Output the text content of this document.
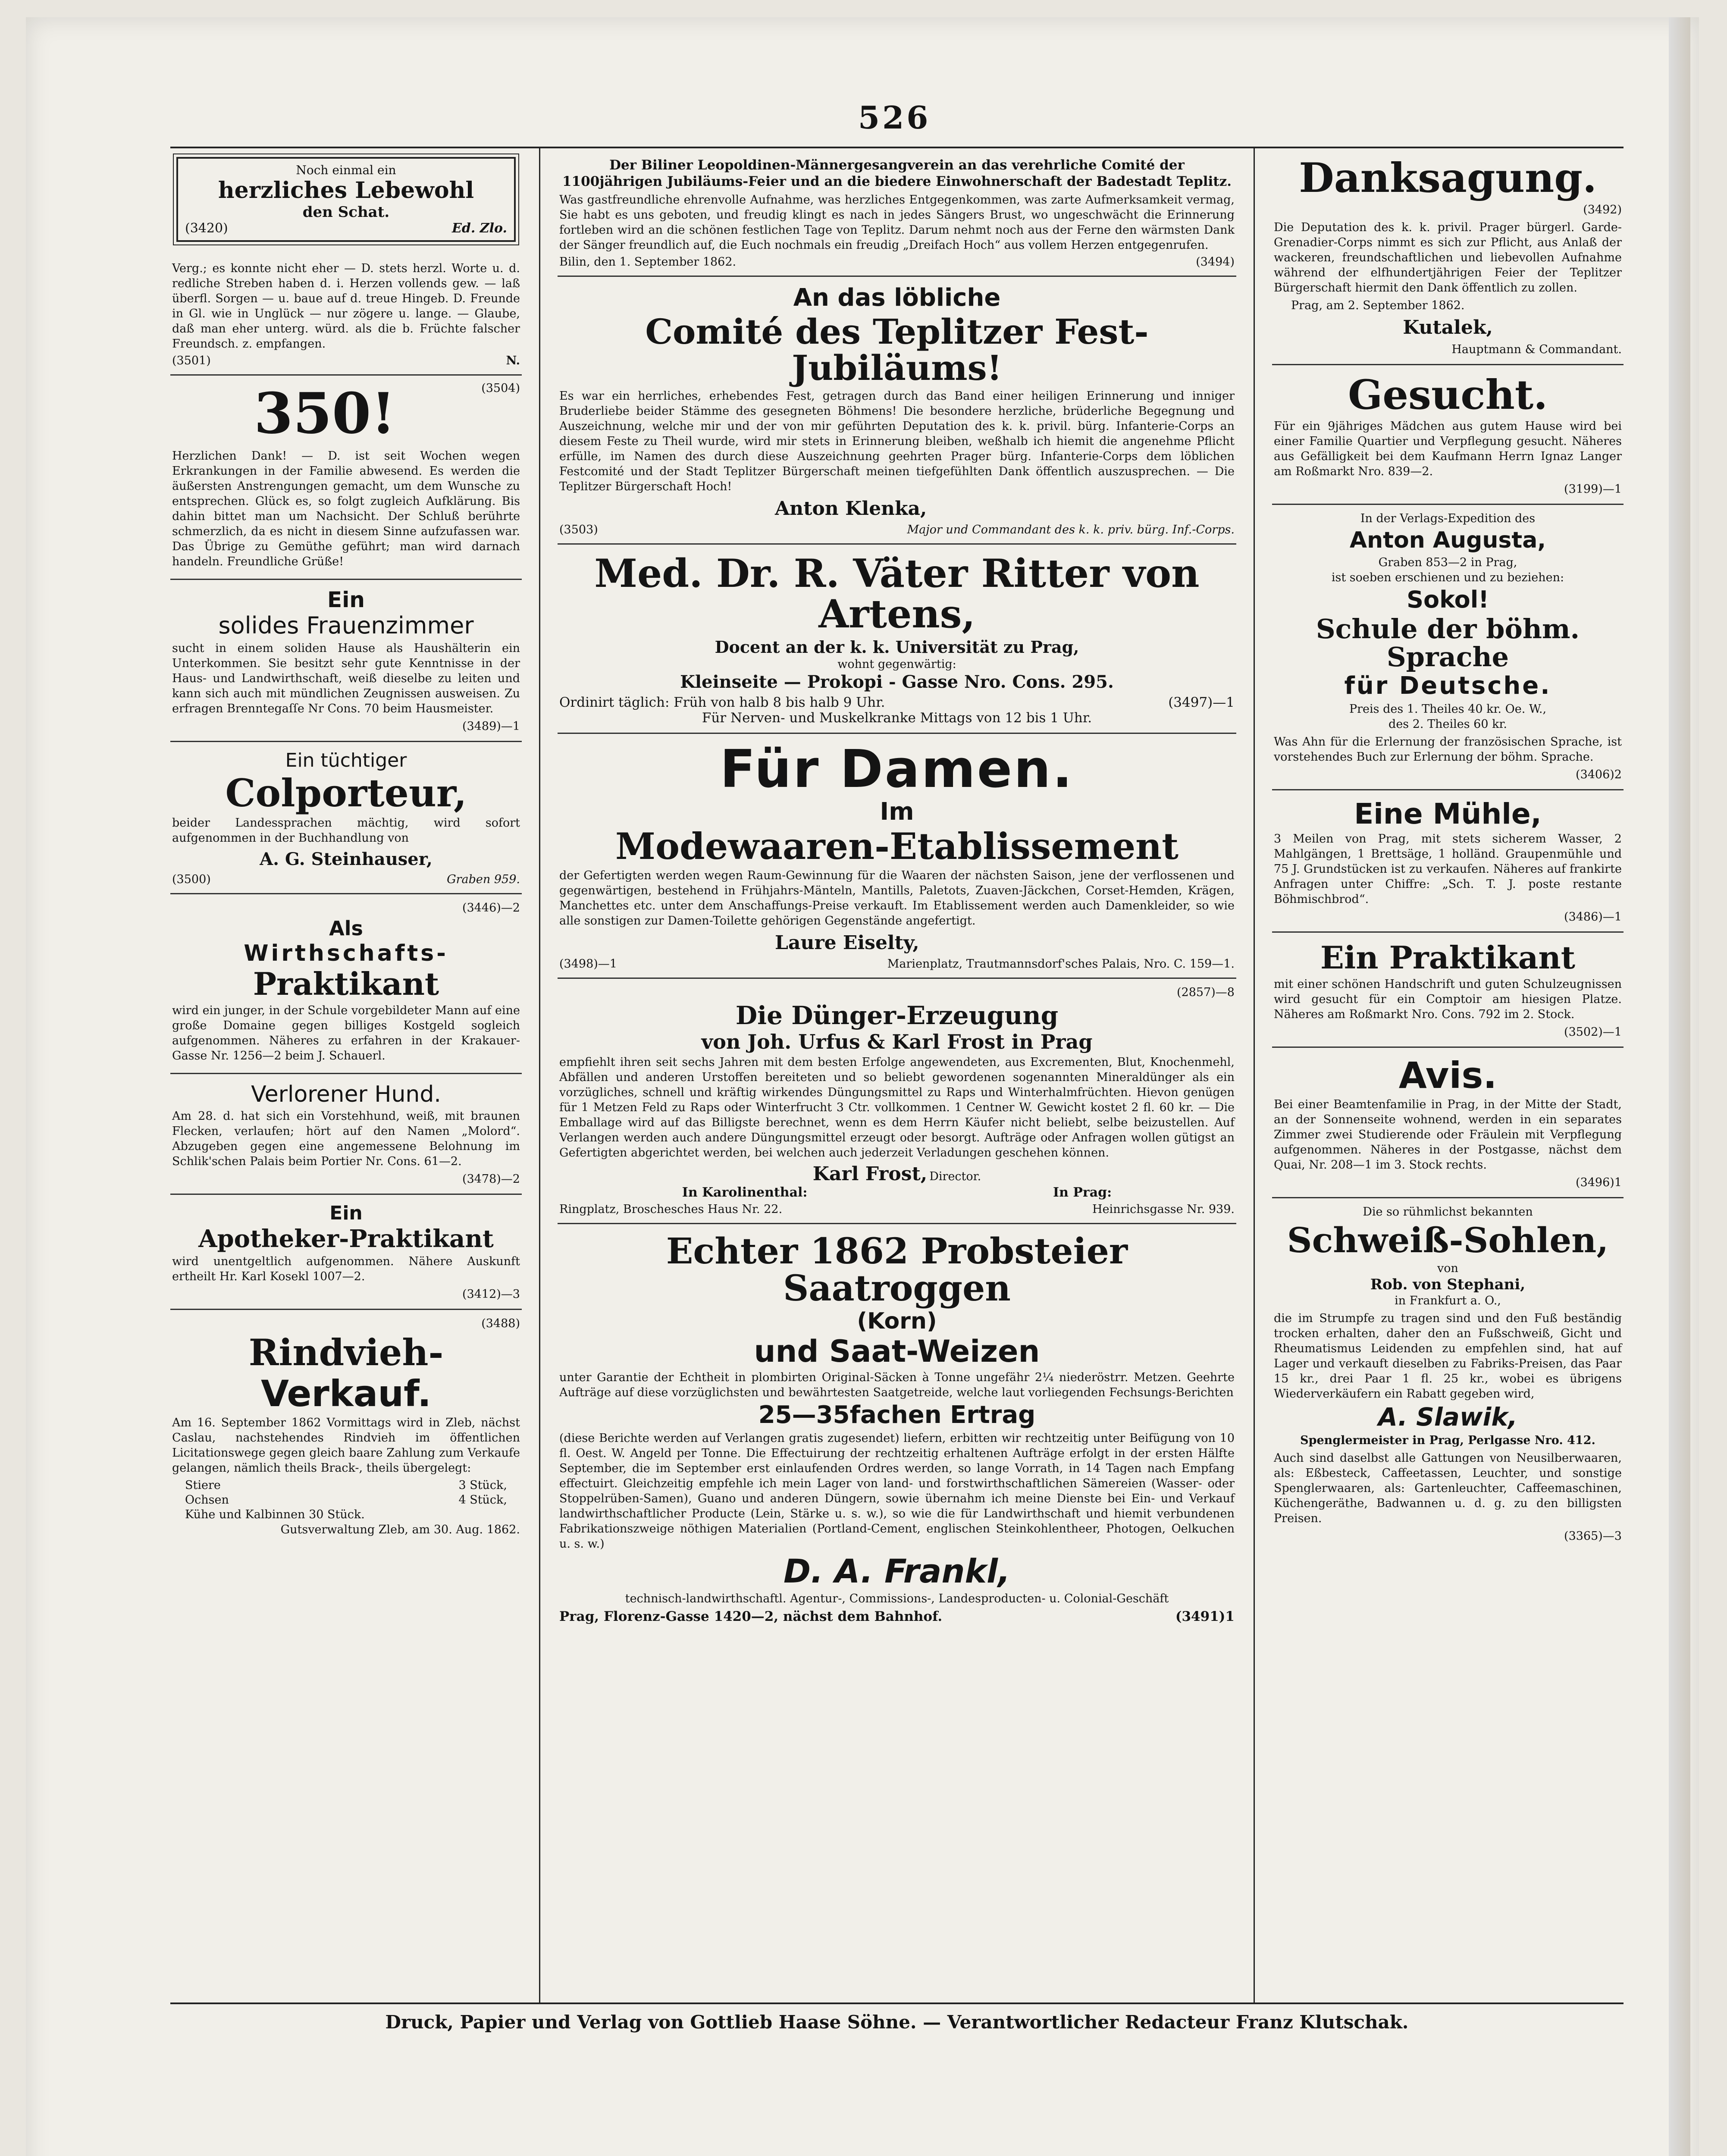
526
Noch einmal ein
herzliches Lebewohl
den Schat.
(3420)	Ed. Zlo.

Verg.; es konnte nicht eher — D. stets herzl. Worte u. d. redliche Streben haben d. i. Herzen vollends gew. — laß überfl. Sorgen — u. baue auf d. treue Hingeb. D. Freunde in Gl. wie in Unglück — nur zögere u. lange. — Glaube, daß man eher unterg. würd. als die b. Früchte falscher Freundsch. z. empfangen.

(3501)	N.
350!	(3504)

Herzlichen Dank! — D. ist seit Wochen wegen Erkrankungen in der Familie abwesend. Es werden die äußersten Anstrengungen gemacht, um dem Wunsche zu entsprechen. Glück es, so folgt zugleich Aufklärung. Bis dahin bittet man um Nachsicht. Der Schluß berührte schmerzlich, da es nicht in diesem Sinne aufzufassen war. Das Übrige zu Gemüthe geführt; man wird darnach handeln. Freundliche Grüße!

Ein
solides Frauenzimmer

sucht in einem soliden Hause als Haushälterin ein Unterkommen. Sie besitzt sehr gute Kenntnisse in der Haus- und Landwirthschaft, weiß dieselbe zu leiten und kann sich auch mit mündlichen Zeugnissen ausweisen. Zu erfragen Brenntegaſſe Nr Cons. 70 beim Hausmeister.

(3489)—1
Ein tüchtiger
Colporteur,

beider Landessprachen mächtig, wird sofort aufgenommen in der Buchhandlung von

A. G. Steinhauser,
(3500)	Graben 959.
(3446)—2
Als
Wirthschafts-
Praktikant

wird ein junger, in der Schule vorgebildeter Mann auf eine große Domaine gegen billiges Kostgeld sogleich aufgenommen. Näheres zu erfahren in der Krakauer-Gasse Nr. 1256—2 beim J. Schauerl.

Verlorener Hund.

Am 28. d. hat sich ein Vorstehhund, weiß, mit braunen Flecken, verlaufen; hört auf den Namen „Molord“. Abzugeben gegen eine angemessene Belohnung im Schlik'schen Palais beim Portier Nr. Cons. 61—2.

(3478)—2
Ein
Apotheker-Praktikant

wird unentgeltlich aufgenommen. Nähere Auskunft ertheilt Hr. Karl Kosekl 1007—2.

(3412)—3
(3488)
Rindvieh-
Verkauf.

Am 16. September 1862 Vormittags wird in Zleb, nächst Caslau, nachstehendes Rindvieh im öffentlichen Licitationswege gegen gleich baare Zahlung zum Verkaufe gelangen, nämlich theils Brack-, theils übergelegt:

Stiere	3 Stück,
Ochsen	4 Stück,
Kühe und Kalbinnen 30 Stück.
Gutsverwaltung Zleb, am 30. Aug. 1862.

Der Biliner Leopoldinen-Männergesangverein an das verehrliche Comité der 1100jährigen Jubiläums-Feier und an die biedere Einwohnerschaft der Badestadt Teplitz.

Was gastfreundliche ehrenvolle Aufnahme, was herzliches Entgegenkommen, was zarte Aufmerksamkeit vermag, Sie habt es uns geboten, und freudig klingt es nach in jedes Sängers Brust, wo ungeschwächt die Erinnerung fortleben wird an die schönen festlichen Tage von Teplitz. Darum nehmt noch aus der Ferne den wärmsten Dank der Sänger freundlich auf, die Euch nochmals ein freudig „Dreifach Hoch“ aus vollem Herzen entgegenrufen.

Bilin, den 1. September 1862.	(3494)
An das löbliche
Comité des Teplitzer Fest-Jubiläums!

Es war ein herrliches, erhebendes Fest, getragen durch das Band einer heiligen Erinnerung und inniger Bruderliebe beider Stämme des gesegneten Böhmens! Die besondere herzliche, brüderliche Begegnung und Auszeichnung, welche mir und der von mir geführten Deputation des k. k. privil. bürg. Infanterie-Corps an diesem Feste zu Theil wurde, wird mir stets in Erinnerung bleiben, weßhalb ich hiemit die angenehme Pflicht erfülle, im Namen des durch diese Auszeichnung geehrten Prager bürg. Infanterie-Corps dem löblichen Festcomité und der Stadt Teplitzer Bürgerschaft meinen tiefgefühlten Dank öffentlich auszusprechen. — Die Teplitzer Bürgerschaft Hoch!

Anton Klenka,
(3503)	Major und Commandant des k. k. priv. bürg. Inf.-Corps.
Med. Dr. R. Väter Ritter von Artens,
Docent an der k. k. Universität zu Prag,
wohnt gegenwärtig:
Kleinseite — Prokopi - Gasse Nro. Cons. 295.
Ordinirt täglich: Früh von halb 8 bis halb 9 Uhr.	(3497)—1
Für Nerven- und Muskelkranke Mittags von 12 bis 1 Uhr.
Für Damen.
Im
Modewaaren-Etablissement

der Gefertigten werden wegen Raum-Gewinnung für die Waaren der nächsten Saison, jene der verflossenen und gegenwärtigen, bestehend in Frühjahrs-Mänteln, Mantills, Paletots, Zuaven-Jäckchen, Corset-Hemden, Krägen, Manchettes etc. unter dem Anschaffungs-Preise verkauft. Im Etablissement werden auch Damenkleider, so wie alle sonstigen zur Damen-Toilette gehörigen Gegenstände angefertigt.

Laure Eiselty,
(3498)—1	Marienplatz, Trautmannsdorf'sches Palais, Nro. C. 159—1.
(2857)—8
Die Dünger-Erzeugung
von Joh. Urfus & Karl Frost in Prag

empfiehlt ihren seit sechs Jahren mit dem besten Erfolge angewendeten, aus Excrementen, Blut, Knochenmehl, Abfällen und anderen Urstoffen bereiteten und so beliebt gewordenen sogenannten Mineraldünger als ein vorzügliches, schnell und kräftig wirkendes Düngungsmittel zu Raps und Winterhalmfrüchten. Hievon genügen für 1 Metzen Feld zu Raps oder Winterfrucht 3 Ctr. vollkommen. 1 Centner W. Gewicht kostet 2 fl. 60 kr. — Die Emballage wird auf das Billigste berechnet, wenn es dem Herrn Käufer nicht beliebt, selbe beizustellen. Auf Verlangen werden auch andere Düngungsmittel erzeugt oder besorgt. Aufträge oder Anfragen wollen gütigst an Gefertigten abgerichtet werden, bei welchen auch jederzeit Verladungen geschehen können.

Karl Frost, Director.
In Karolinenthal:	In Prag:
Ringplatz, Broschesches Haus Nr. 22.	Heinrichsgasse Nr. 939.
Echter 1862 Probsteier Saatroggen
(Korn)
und Saat-Weizen

unter Garantie der Echtheit in plombirten Original-Säcken à Tonne ungefähr 2¼ niederöstrr. Metzen. Geehrte Aufträge auf diese vorzüglichsten und bewährtesten Saatgetreide, welche laut vorliegenden Fechsungs-Berichten

25—35fachen Ertrag

(diese Berichte werden auf Verlangen gratis zugesendet) liefern, erbitten wir rechtzeitig unter Beifügung von 10 fl. Oest. W. Angeld per Tonne. Die Effectuirung der rechtzeitig erhaltenen Aufträge erfolgt in der ersten Hälfte September, die im September erst einlaufenden Ordres werden, so lange Vorrath, in 14 Tagen nach Empfang effectuirt. Gleichzeitig empfehle ich mein Lager von land- und forstwirthschaftlichen Sämereien (Wasser- oder Stoppelrüben-Samen), Guano und anderen Düngern, sowie übernahm ich meine Dienste bei Ein- und Verkauf landwirthschaftlicher Producte (Lein, Stärke u. s. w.), so wie die für Landwirthschaft und hiemit verbundenen Fabrikationszweige nöthigen Materialien (Portland-Cement, englischen Steinkohlentheer, Photogen, Oelkuchen u. s. w.)

D. A. Frankl,
technisch-landwirthschaftl. Agentur-, Commissions-, Landesproducten- u. Colonial-Geschäft
Prag, Florenz-Gasse 1420—2, nächst dem Bahnhof.	(3491)1
Danksagung.
(3492)

Die Deputation des k. k. privil. Prager bürgerl. Garde-Grenadier-Corps nimmt es sich zur Pflicht, aus Anlaß der wackeren, freundschaftlichen und liebevollen Aufnahme während der elfhundertjährigen Feier der Teplitzer Bürgerschaft hiermit den Dank öffentlich zu zollen.

Prag, am 2. September 1862.
Kutalek,
Hauptmann & Commandant.
Gesucht.

Für ein 9jähriges Mädchen aus gutem Hause wird bei einer Familie Quartier und Verpflegung gesucht. Näheres aus Gefälligkeit bei dem Kaufmann Herrn Ignaz Langer am Roßmarkt Nro. 839—2.

(3199)—1
In der Verlags-Expedition des
Anton Augusta,
Graben 853—2 in Prag,
ist soeben erschienen und zu beziehen:
Sokol!
Schule der böhm. Sprache
für Deutsche.
Preis des 1. Theiles 40 kr. Oe. W.,
des 2. Theiles 60 kr.

Was Ahn für die Erlernung der französischen Sprache, ist vorstehendes Buch zur Erlernung der böhm. Sprache.

(3406)2
Eine Mühle,

3 Meilen von Prag, mit stets sicherem Wasser, 2 Mahlgängen, 1 Brettsäge, 1 holländ. Graupenmühle und 75 J. Grundstücken ist zu verkaufen. Näheres auf frankirte Anfragen unter Chiffre: „Sch. T. J. poste restante Böhmischbrod“.

(3486)—1
Ein Praktikant

mit einer schönen Handschrift und guten Schulzeugnissen wird gesucht für ein Comptoir am hiesigen Platze. Näheres am Roßmarkt Nro. Cons. 792 im 2. Stock.

(3502)—1
Avis.

Bei einer Beamtenfamilie in Prag, in der Mitte der Stadt, an der Sonnenseite wohnend, werden in ein separates Zimmer zwei Studierende oder Fräulein mit Verpflegung aufgenommen. Näheres in der Postgasse, nächst dem Quai, Nr. 208—1 im 3. Stock rechts.

(3496)1
Die so rühmlichst bekannten
Schweiß-Sohlen,
von
Rob. von Stephani,
in Frankfurt a. O.,

die im Strumpfe zu tragen sind und den Fuß beständig trocken erhalten, daher den an Fußschweiß, Gicht und Rheumatismus Leidenden zu empfehlen sind, hat auf Lager und verkauft dieselben zu Fabriks-Preisen, das Paar 15 kr., drei Paar 1 fl. 25 kr., wobei es übrigens Wiederverkäufern ein Rabatt gegeben wird,

A. Slawik,
Spenglermeister in Prag, Perlgasse Nro. 412.

Auch sind daselbst alle Gattungen von Neusilberwaaren, als: Eßbesteck, Caffeetassen, Leuchter, und sonstige Spenglerwaaren, als: Gartenleuchter, Caffeemaschinen, Küchengeräthe, Badwannen u. d. g. zu den billigsten Preisen.

(3365)—3
Druck, Papier und Verlag von Gottlieb Haase Söhne. — Verantwortlicher Redacteur Franz Klutschak.
